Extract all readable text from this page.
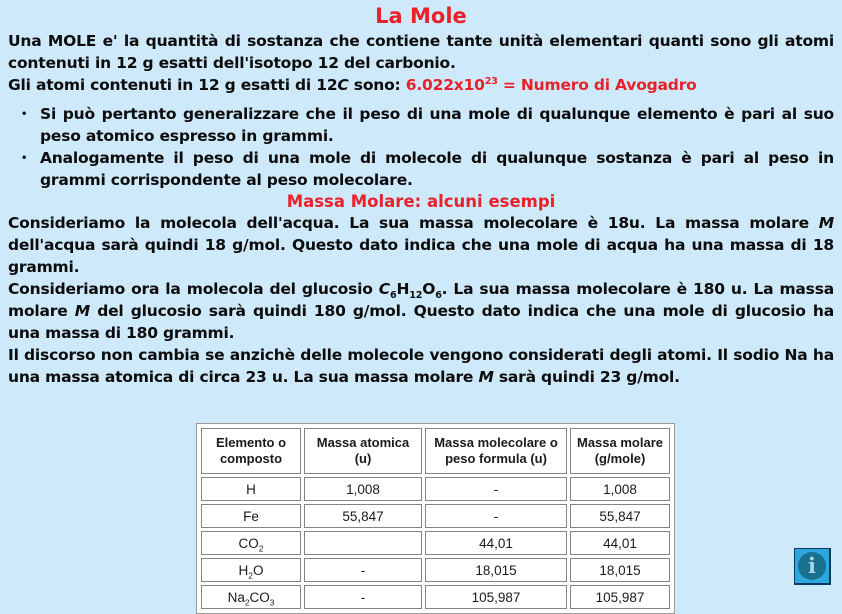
La Mole

Una MOLE e' la quantità di sostanza che contiene tante unità elementari quanti sono gli atomi contenuti in 12 g esatti dell'isotopo 12 del carbonio.

Gli atomi contenuti in 12 g esatti di 12C sono: $6.022x10^{23}$ = Numero di Avogadro

• Si può pertanto generalizzare che il peso di una mole di qualunque elemento è pari al suo peso atomico espresso in grammi.
• Analogamente il peso di una mole di molecole di qualunque sostanza è pari al peso in grammi corrispondente al peso molecolare.
Massa Molare: alcuni esempi

Consideriamo la molecola dell'acqua. La sua massa molecolare è 18u. La massa molare M dell'acqua sarà quindi 18 g/mol. Questo dato indica che una mole di acqua ha una massa di 18 grammi.

Consideriamo ora la molecola del glucosio $C_6H_{12}O_6$. La sua massa molecolare è 180 u. La massa molare M del glucosio sarà quindi 180 g/mol. Questo dato indica che una mole di glucosio ha una massa di 180 grammi.

Il discorso non cambia se anzichè delle molecole vengono considerati degli atomi. Il sodio Na ha una massa atomica di circa 23 u. La sua massa molare M sarà quindi 23 g/mol.

Elemento o composto	Massa atomica (u)	Massa molecolare o peso formula (u)	Massa molare (g/mole)
H	1,008	-	1,008
Fe	55,847	-	55,847
$CO_2$		44,01	44,01
$H_2O$	-	18,015	18,015
$Na_2CO_3$	-	105,987	105,987
i
